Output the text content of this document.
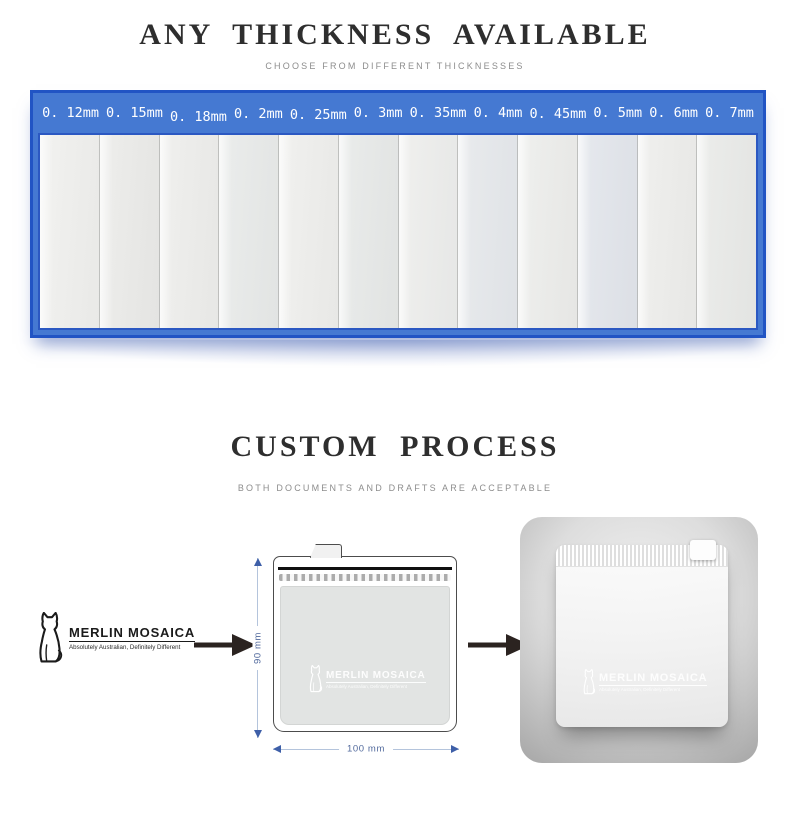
ANY THICKNESS AVAILABLE
CHOOSE FROM DIFFERENT THICKNESSES
0. 12mm 0. 15mm 0. 18mm 0. 2mm 0. 25mm 0. 3mm 0. 35mm 0. 4mm 0. 45mm 0. 5mm 0. 6mm 0. 7mm
CUSTOM PROCESS
BOTH DOCUMENTS AND DRAFTS ARE ACCEPTABLE
MERLIN MOSAICA
Absolutely Australian, Definitely Different	90 mm
MERLIN MOSAICA
Absolutely Australian, Definitely Different
100 mm
MERLIN MOSAICA
Absolutely Australian, Definitely Different
